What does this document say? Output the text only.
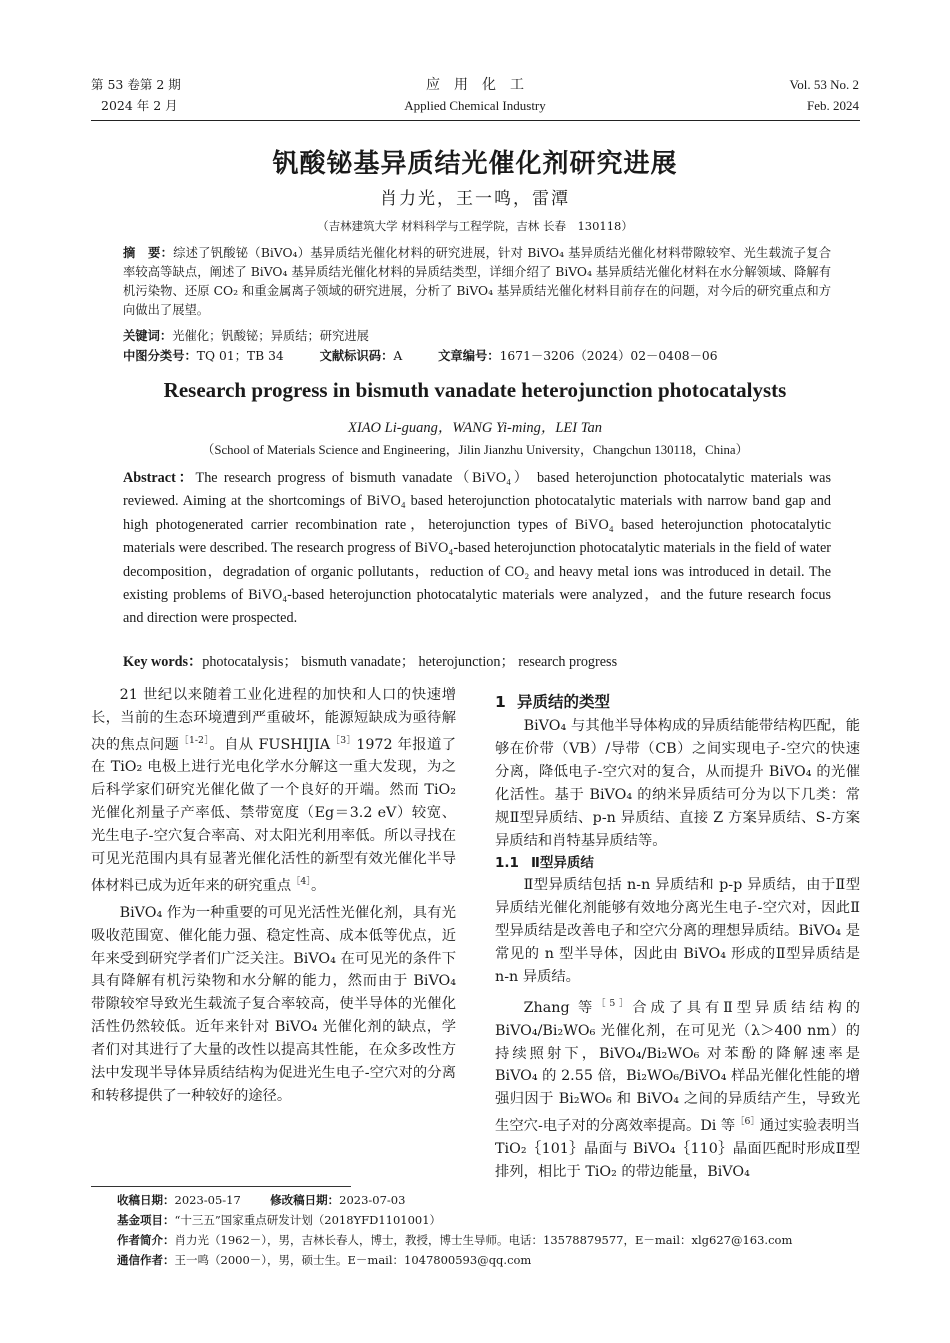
第 53 卷第 2 期
2024 年 2 月
应　用　化　工
Applied Chemical Industry
Vol. 53 No. 2
Feb. 2024
钒酸铋基异质结光催化剂研究进展
肖力光，王一鸣，雷潭
（吉林建筑大学 材料科学与工程学院，吉林 长春　130118）
摘　要：综述了钒酸铋（BiVO₄）基异质结光催化材料的研究进展，针对 BiVO₄ 基异质结光催化材料带隙较窄、光生载流子复合率较高等缺点，阐述了 BiVO₄ 基异质结光催化材料的异质结类型，详细介绍了 BiVO₄ 基异质结光催化材料在水分解领域、降解有机污染物、还原 CO₂ 和重金属离子领域的研究进展，分析了 BiVO₄ 基异质结光催化材料目前存在的问题，对今后的研究重点和方向做出了展望。
关键词：光催化；钒酸铋；异质结；研究进展
中图分类号：TQ 01；TB 34	文献标识码：A	文章编号：1671－3206（2024）02－0408－06
Research progress in bismuth vanadate heterojunction photocatalysts
XIAO Li-guang，WANG Yi-ming，LEI Tan
（School of Materials Science and Engineering，Jilin Jianzhu University，Changchun 130118，China）
Abstract：The research progress of bismuth vanadate（BiVO₄） based heterojunction photocatalytic materials was reviewed. Aiming at the shortcomings of BiVO₄ based heterojunction photocatalytic materials with narrow band gap and high photogenerated carrier recombination rate，heterojunction types of BiVO₄ based heterojunction photocatalytic materials were described. The research progress of BiVO₄-based heterojunction photocatalytic materials in the field of water decomposition，degradation of organic pollutants，reduction of CO₂ and heavy metal ions was introduced in detail. The existing problems of BiVO₄-based heterojunction photocatalytic materials were analyzed，and the future research focus and direction were prospected.
Key words：photocatalysis； bismuth vanadate； heterojunction； research progress

21 世纪以来随着工业化进程的加快和人口的快速增长，当前的生态环境遭到严重破坏，能源短缺成为亟待解决的焦点问题$^{[1-2]}$。自从 $FUSHIJIA^{[3]}1972$ 年报道了在 TiO₂ 电极上进行光电化学水分解这一重大发现，为之后科学家们研究光催化做了一个良好的开端。然而 TiO₂ 光催化剂量子产率低、禁带宽度（Eg＝3.2 eV）较宽、光生电子-空穴复合率高、对太阳光利用率低。所以寻找在可见光范围内具有显著光催化活性的新型有效光催化半导体材料已成为近年来的研究重点$^{[4]}$。

BiVO₄ 作为一种重要的可见光活性光催化剂，具有光吸收范围宽、催化能力强、稳定性高、成本低等优点，近年来受到研究学者们广泛关注。BiVO₄ 在可见光的条件下具有降解有机污染物和水分解的能力，然而由于 BiVO₄ 带隙较窄导致光生载流子复合率较高，使半导体的光催化活性仍然较低。近年来针对 BiVO₄ 光催化剂的缺点，学者们对其进行了大量的改性以提高其性能，在众多改性方法中发现半导体异质结结构为促进光生电子-空穴对的分离和转移提供了一种较好的途径。

1 异质结的类型

BiVO₄ 与其他半导体构成的异质结能带结构匹配，能够在价带（VB）/导带（CB）之间实现电子-空穴的快速分离，降低电子-空穴对的复合，从而提升 BiVO₄ 的光催化活性。基于 BiVO₄ 的纳米异质结可分为以下几类：常规Ⅱ型异质结、p-n 异质结、直接 Z 方案异质结、S-方案异质结和肖特基异质结等。

1.1 Ⅱ型异质结

Ⅱ型异质结包括 n-n 异质结和 p-p 异质结，由于Ⅱ型异质结光催化剂能够有效地分离光生电子-空穴对，因此Ⅱ型异质结是改善电子和空穴分离的理想异质结。BiVO₄ 是常见的 n 型半导体，因此由 BiVO₄ 形成的Ⅱ型异质结是 n-n 异质结。

Zhang 等$^{[5]}$合成了具有Ⅱ型异质结结构的 BiVO₄/Bi₂WO₆ 光催化剂，在可见光（λ＞400 nm）的持续照射下，BiVO₄/Bi₂WO₆ 对苯酚的降解速率是 BiVO₄ 的 2.55 倍，Bi₂WO₆/BiVO₄ 样品光催化性能的增强归因于 Bi₂WO₆ 和 BiVO₄ 之间的异质结产生，导致光生空穴-电子对的分离效率提高。Di 等$^{[6]}$通过实验表明当 TiO₂｛101｝晶面与 BiVO₄｛110｝晶面匹配时形成Ⅱ型排列，相比于 TiO₂ 的带边能量，BiVO₄

收稿日期：2023-05-17	修改稿日期：2023-07-03
基金项目：“十三五”国家重点研发计划（2018YFD1101001）
作者简介：肖力光（1962－），男，吉林长春人，博士，教授，博士生导师。电话：13578879577，E－mail：xlg627@163.com
通信作者：王一鸣（2000－），男，硕士生。E－mail：1047800593@qq.com
